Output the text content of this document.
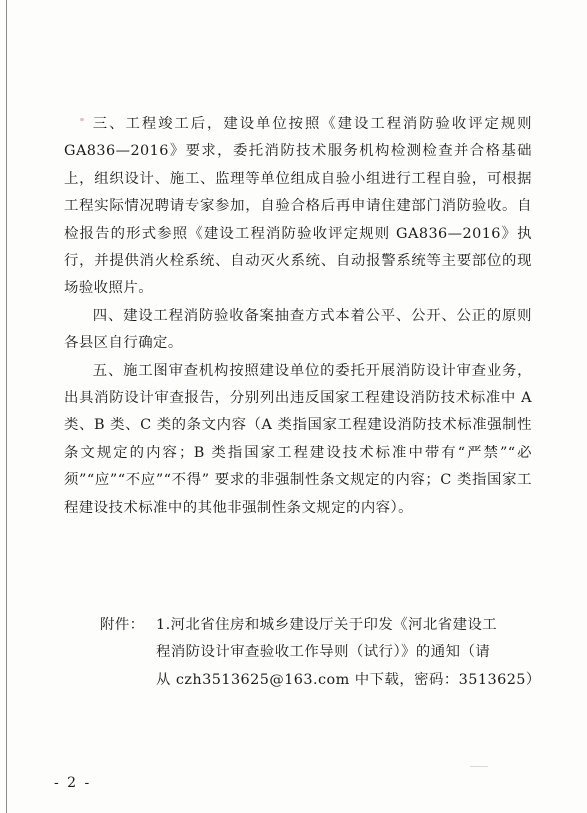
三、工程竣工后，建设单位按照《建设工程消防验收评定规则 GA836—2016》要求，委托消防技术服务机构检测检查并合格基础上，组织设计、施工、监理等单位组成自验小组进行工程自验，可根据工程实际情况聘请专家参加，自验合格后再申请住建部门消防验收。自检报告的形式参照《建设工程消防验收评定规则 GA836—2016》执行，并提供消火栓系统、自动灭火系统、自动报警系统等主要部位的现场验收照片。

四、建设工程消防验收备案抽查方式本着公平、公开、公正的原则各县区自行确定。

五、施工图审查机构按照建设单位的委托开展消防设计审查业务，出具消防设计审查报告，分别列出违反国家工程建设消防技术标准中 A 类、B 类、C 类的条文内容（A 类指国家工程建设消防技术标准强制性条文规定的内容；B 类指国家工程建设技术标准中带有“严禁”“必须”“应”“不应”“不得” 要求的非强制性条文规定的内容；C 类指国家工程建设技术标准中的其他非强制性条文规定的内容）。

附件： 1.河北省住房和城乡建设厅关于印发《河北省建设工
程消防设计审查验收工作导则（试行）》的通知（请
从 czh3513625@163.com 中下载，密码：3513625）
- 2 -
